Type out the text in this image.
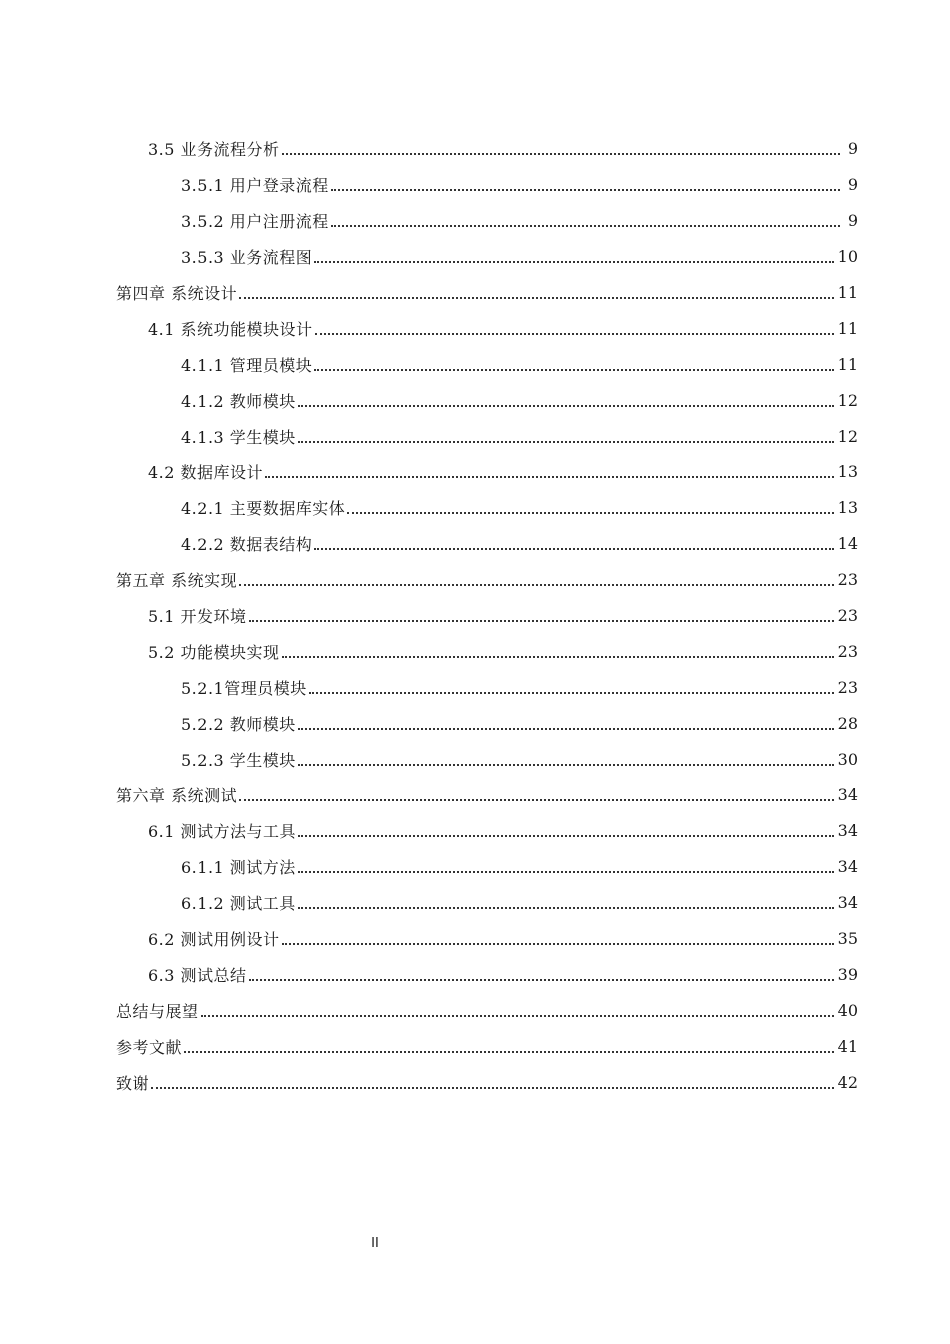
3.5 业务流程分析	9
3.5.1 用户登录流程	9
3.5.2 用户注册流程	9
3.5.3 业务流程图	10
第四章 系统设计	11
4.1 系统功能模块设计	11
4.1.1 管理员模块	11
4.1.2 教师模块	12
4.1.3 学生模块	12
4.2 数据库设计	13
4.2.1 主要数据库实体	13
4.2.2 数据表结构	14
第五章 系统实现	23
5.1 开发环境	23
5.2 功能模块实现	23
5.2.1管理员模块	23
5.2.2 教师模块	28
5.2.3 学生模块	30
第六章 系统测试	34
6.1 测试方法与工具	34
6.1.1 测试方法	34
6.1.2 测试工具	34
6.2 测试用例设计	35
6.3 测试总结	39
总结与展望	40
参考文献	41
致谢	42
II
